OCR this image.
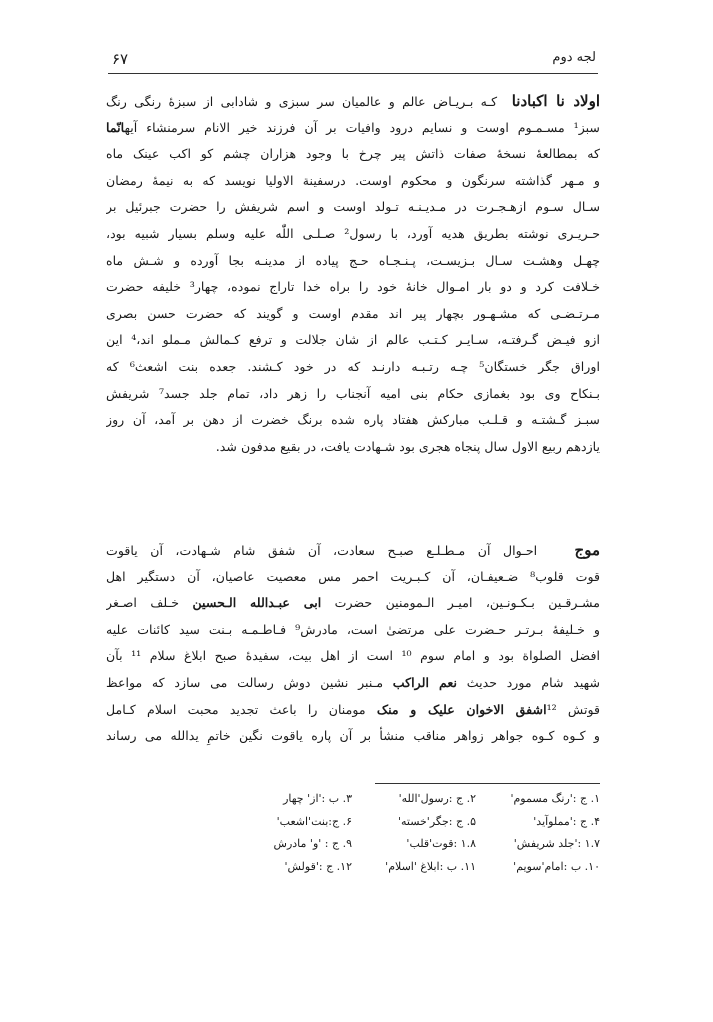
۶۷	لجه دوم
اولاد نا اکبادنا  کـه بـریـاض عالم و عالمیان سر سبزی و شادابی از سبزهٔ رنگی رنگ
سبز¹ مسـمـوم اوست و نسایم درود وافیات بر آن فرزند خیر الانام سرمنشاء آیهانّما
که بمطالعهٔ نسخهٔ صفات ذاتش پیر چرخ با وجود هزاران چشم کو اکب عینک ماه
و مـهر گذاشته سرنگون و محکوم اوست. درسفینة الاولیا نویسد که به نیمهٔ رمضان
سـال سـوم ازهـجـرت در مـدیـنـه تـولد اوست و اسم شریفش را حضرت جبرئیل بر
حـریـری نوشته بطریق هدیه آورد، با رسول² صـلـی اللّٰه علیه وسلم بسیار شبیه بود،
چهـل وهشـت سـال بـزیسـت، پـنـجـاه حـج پیاده از مدینـه بجا آورده و شـش ماه
خـلافت کرد و دو بار امـوال خانهٔ خود را براه خدا تاراج نموده، چهار³ خلیفه حضرت
مـرتـضـی که مشـهـور بچهار پیر اند مقدم اوست و گویند که حضرت حسن بصری
ازو فیـض گـرفتـه، سـایـر کـتـب عالم از شان جلالت و ترفع کـمالش مـملو اند،⁴ این
اوراق جگر خستگان⁵ چـه رتـبـه دارنـد که در خود کـشند. جعده بنت اشعث⁶ که
بـنکاح وی بود بغمازی حکام بنی امیه آنجناب را زهر داد، تمام جلد جسد⁷ شریفش
سبـز گـشتـه و قـلـب مبارکش هفتاد پاره شده برنگ خضرت از دهن بر آمد، آن روز
یازدهم ربیع الاول سال پنجاه هجری بود شـهادت یافت، در بقیع مدفون شد.
موج   احـوال آن مـطـلـع صبـح سعادت، آن شفق شام شـهادت، آن یاقوت
قوت قلوب⁸ ضـعیفـان، آن کـبـریت احمر مس معصیت عاصیان، آن دستگیر اهل
مشـرقـین بـکـونـین، امیـر الـمومنین حضرت ابی عبـدالله الـحسین خـلف اصـغر
و خـلیفهٔ بـرتـر حـضرت علی مرتضیٰ است، مادرش⁹ فـاطـمـه بـنت سید کائنات علیه
افضل الصلواة بود و امام سوم ¹⁰ است از اهل بیت، سفیدهٔ صبح ابلاغ سلام ¹¹ بآن
شهید شام مورد حدیث نعم الراکب مـنبر نشین دوش رسالت می سازد که مواعظ
قوتش ¹²اشفق الاخوان علیک و منک مومنان را باعث تجدید محبت اسلام کـامل
و کـوه کـوه جواهر زواهر مناقب منشأ بر آن پاره یاقوت نگین خاتمِ یدالله می رساند
۱. ج :'رنگ مسموم'
۲. ج :رسول'الله'
۳. ب :'از' چهار
۴. ج :'مملوآید'
۵. ج :جگر'خسته'
۶. ج:بنت'اشعب'
۱.۷ :'جلد شریفش'
۱.۸ :قوت'قلب'
۹. ج : 'و' مادرش
۱۰. ب :امام'سویم'
۱۱. ب :ابلاغ 'اسلام'
۱۲. ج :'قولش'
